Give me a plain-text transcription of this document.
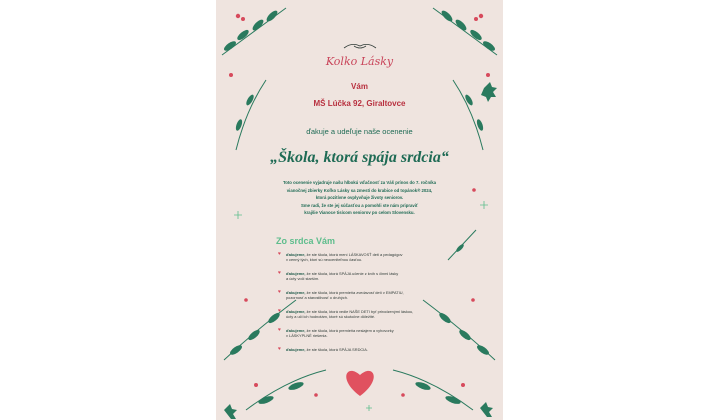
Kolko Lásky
Vám
MŠ Lúčka 92, Giraltovce
ďakuje a udeľuje naše ocenenie
„Škola, ktorá spája srdcia“
Toto ocenenie vyjadruje našu hlbokú vďačnosť za Váš prínos do 7. ročníka
vianočnej zbierky Koľko Lásky sa zmestí do krabice od topánok® 2024,
ktorá pozitívne ovplyvňuje životy seniorov.
Sme radi, že ste jej súčasťou a pomohli ste nám pripraviť
krajšie Vianoce tisícom seniorov po celom Slovensku.
Zo srdca Vám
♥ ďakujeme, že ste škola, ktorá mení LÁSKAVOSŤ deti a pedagógov
v cenný tých, ktorí sú neoceniteľnou časťou.
♥ ďakujeme, že ste škola, ktorá SPÁJA učenie z kníh s činmi lásky
a úcty voči starším.
♥ ďakujeme, že ste škola, ktorá premieňa zvedavosť detí v EMPATIU,
pozornosť a starostlivosť o druhých.
♥ ďakujeme, že ste škola, ktorá vedie NAŠE DETI byť prirodzenými láskou,
úcty a uči ich hodnotám, ktoré sú skutočne dôležité.
♥ ďakujeme, že ste škola, ktorá premieňa nesiajem a vyhovorky
v LÁSKYPLNÉ riešenia.
♥ ďakujeme, že ste škola, ktorá SPÁJA SRDCIA.
